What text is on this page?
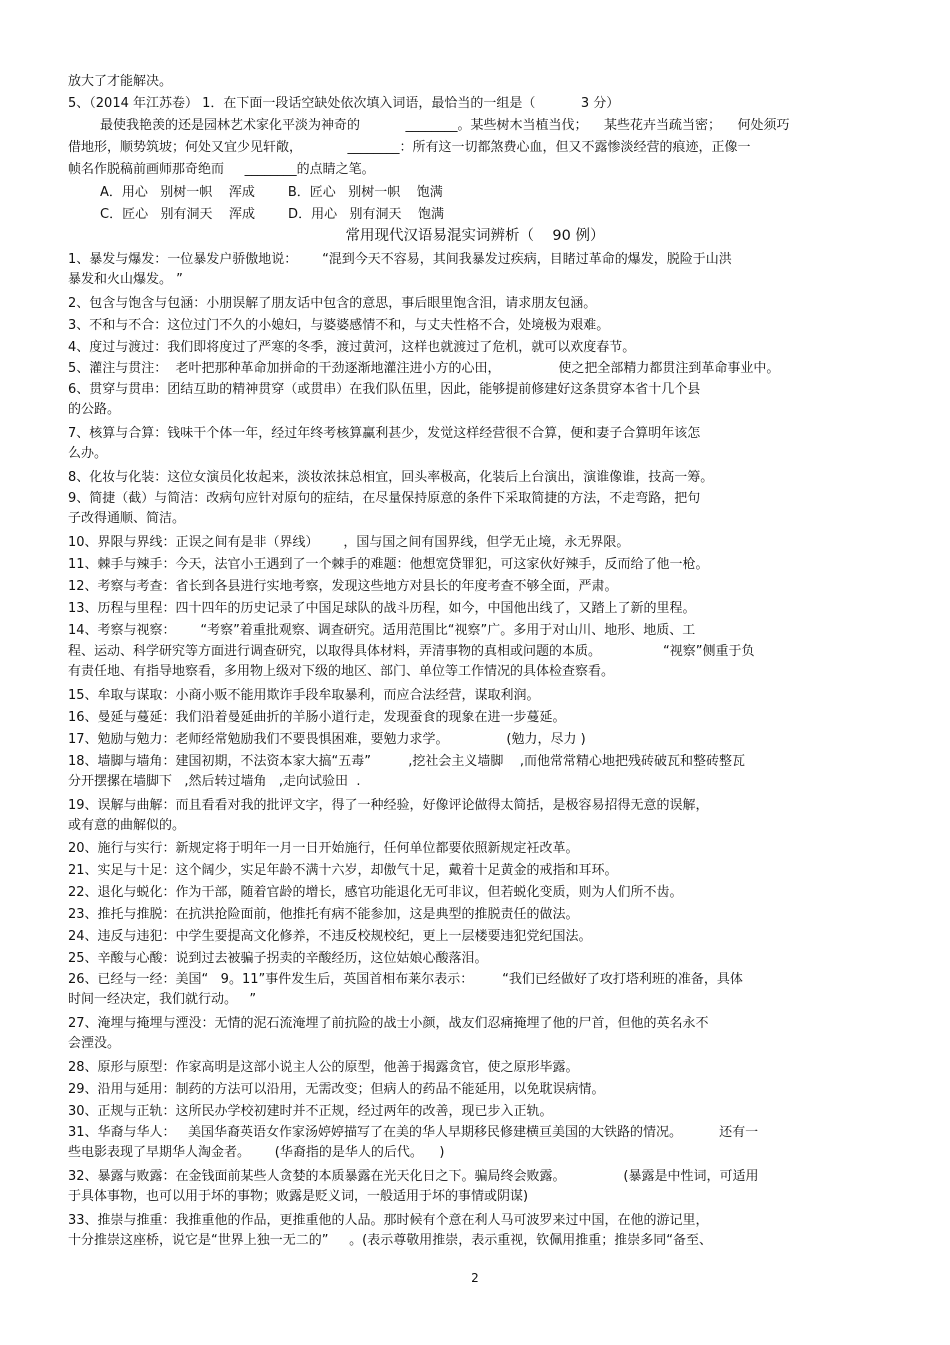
放大了才能解决。
5、（2014 年江苏卷） 1．在下面一段话空缺处依次填入词语，最恰当的一组是（           3 分）
最使我艳羡的还是园林艺术家化平淡为神奇的           ________。某些树木当植当伐；    某些花卉当疏当密；    何处须巧
借地形，顺势筑坡；何处又宜少见轩敞，           ________：所有这一切都煞费心血，但又不露惨淡经营的痕迹，正像一
帧名作脱稿前画师那奇绝而     ________的点睛之笔。
A．用心   别树一帜    浑成        B．匠心   别树一帜    饱满
C．匠心   别有洞天    浑成        D．用心   别有洞天    饱满
常用现代汉语易混实词辨析（    90 例）
1、暴发与爆发：一位暴发户骄傲地说：      “混到今天不容易，其间我暴发过疾病，目睹过革命的爆发，脱险于山洪
暴发和火山爆发。 ”
2、包含与饱含与包涵：小朋误解了朋友话中包含的意思，事后眼里饱含泪，请求朋友包涵。
3、不和与不合：这位过门不久的小媳妇，与婆婆感情不和，与丈夫性格不合，处境极为艰难。
4、度过与渡过：我们即将度过了严寒的冬季，渡过黄河，这样也就渡过了危机，就可以欢度春节。
5、灌注与贯注：  老叶把那种革命加拼命的干劲逐渐地灌注进小方的心田，              使之把全部精力都贯注到革命事业中。
6、贯穿与贯串：团结互助的精神贯穿（或贯串）在我们队伍里，因此，能够提前修建好这条贯穿本省十几个县
的公路。
7、核算与合算：钱味干个体一年，经过年终考核算赢利甚少，发觉这样经营很不合算，便和妻子合算明年该怎
么办。
8、化妆与化装：这位女演员化妆起来，淡妆浓抹总相宜，回头率极高，化装后上台演出，演谁像谁，技高一筹。
9、简捷（截）与简洁：改病句应针对原句的症结，在尽量保持原意的条件下采取简捷的方法，不走弯路，把句
子改得通顺、简洁。
10、界限与界线：正误之间有是非（界线）      ，国与国之间有国界线，但学无止境，永无界限。
11、棘手与辣手：今天，法官小王遇到了一个棘手的难题：他想宽贷罪犯，可这家伙好辣手，反而给了他一枪。
12、考察与考查：省长到各县进行实地考察，发现这些地方对县长的年度考查不够全面，严肃。
13、历程与里程：四十四年的历史记录了中国足球队的战斗历程，如今，中国他出线了，又踏上了新的里程。
14、考察与视察：      “考察”着重批观察、调查研究。适用范围比“视察”广。多用于对山川、地形、地质、工
程、运动、科学研究等方面进行调查研究，以取得具体材料，弄清事物的真相或问题的本质。               “视察”侧重于负
有责任地、有指导地察看，多用物上级对下级的地区、部门、单位等工作情况的具体检查察看。
15、牟取与谋取：小商小贩不能用欺诈手段牟取暴利，而应合法经营，谋取利润。
16、曼延与蔓延：我们沿着曼延曲折的羊肠小道行走，发现蚕食的现象在进一步蔓延。
17、勉励与勉力：老师经常勉励我们不要畏惧困难，要勉力求学。              (勉力，尽力 )
18、墙脚与墙角：建国初期，不法资本家大搞“五毒”         ,挖社会主义墙脚    ,而他常常精心地把残砖破瓦和整砖整瓦
分开摆摞在墙脚下   ,然后转过墙角   ,走向试验田  .
19、误解与曲解：而且看看对我的批评文字，得了一种经验，好像评论做得太简括，是极容易招得无意的误解，
或有意的曲解似的。
20、施行与实行：新规定将于明年一月一日开始施行，任何单位都要依照新规定衽改革。
21、实足与十足：这个阔少，实足年龄不满十六岁，却傲气十足，戴着十足黄金的戒指和耳环。
22、退化与蜕化：作为干部，随着官龄的增长，感官功能退化无可非议，但若蜕化变质，则为人们所不齿。
23、推托与推脱：在抗洪抢险面前，他推托有病不能参加，这是典型的推脱责任的做法。
24、违反与违犯：中学生要提高文化修养，不违反校规校纪，更上一层楼要违犯党纪国法。
25、辛酸与心酸：说到过去被骗子拐卖的辛酸经历，这位姑娘心酸落泪。
26、已经与一经：美国“   9。11”事件发生后，英国首相布莱尔表示：       “我们已经做好了攻打塔利班的准备，具体
时间一经决定，我们就行动。   ”
27、淹埋与掩埋与湮没：无情的泥石流淹埋了前抗险的战士小颜，战友们忍痛掩埋了他的尸首，但他的英名永不
会湮没。
28、原形与原型：作家高明是这部小说主人公的原型，他善于揭露贪官，使之原形毕露。
29、沿用与延用：制药的方法可以沿用，无需改变；但病人的药品不能延用，以免耽误病情。
30、正规与正轨：这所民办学校初建时并不正规，经过两年的改善，现已步入正轨。
31、华裔与华人：   美国华裔英语女作家汤婷婷描写了在美的华人早期移民修建横亘美国的大铁路的情况。         还有一
些电影表现了早期华人淘金者。      (华裔指的是华人的后代。    )
32、暴露与败露：在金钱面前某些人贪婪的本质暴露在光天化日之下。骗局终会败露。              (暴露是中性词，可适用
于具体事物，也可以用于坏的事物；败露是贬义词，一般适用于坏的事情或阴谋)
33、推崇与推重：我推重他的作品，更推重他的人品。那时候有个意在利人马可波罗来过中国，在他的游记里，
十分推崇这座桥，说它是“世界上独一无二的”     。(表示尊敬用推崇，表示重视，钦佩用推重；推崇多同“备至、
2
